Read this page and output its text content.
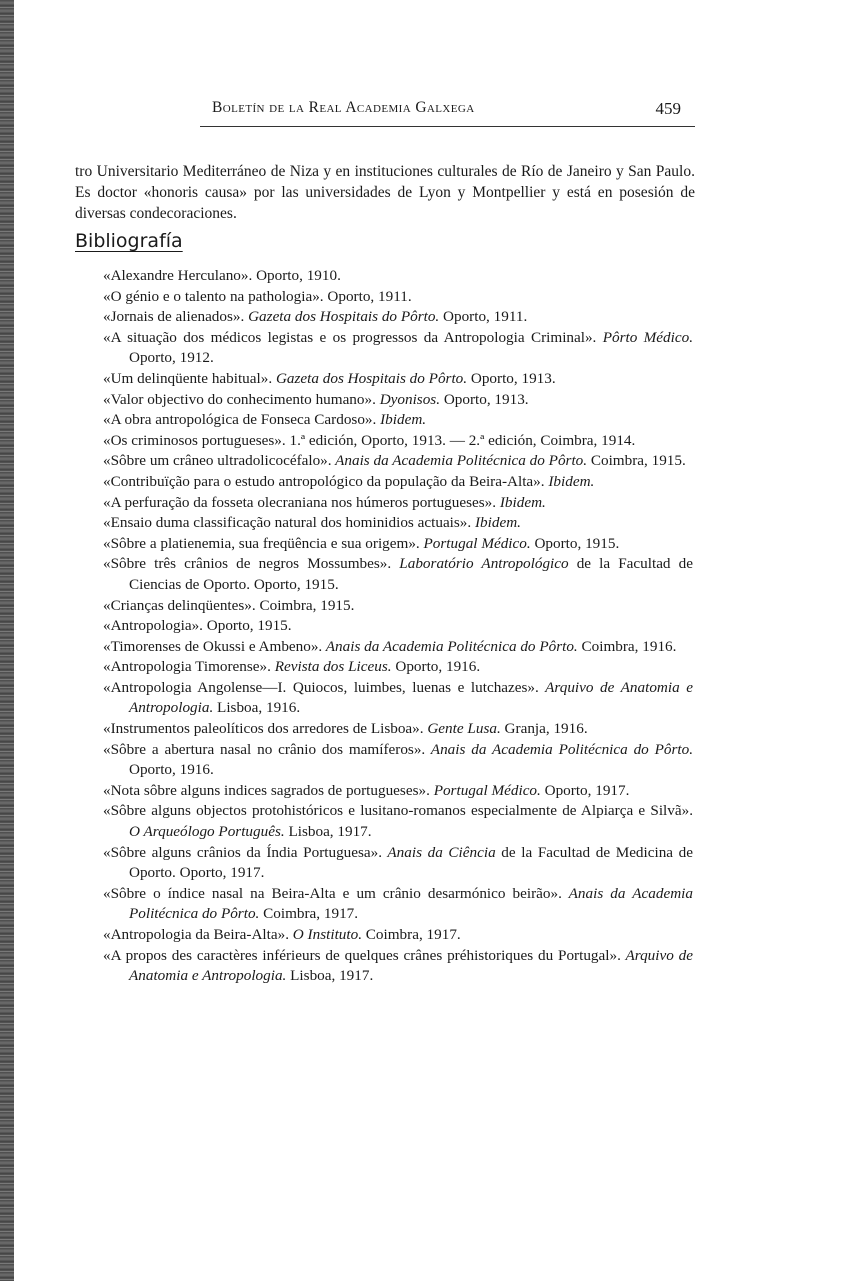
Boletín de la Real Academia Galxega	459

tro Universitario Mediterráneo de Niza y en instituciones culturales de Río de Janeiro y San Paulo. Es doctor «honoris causa» por las universidades de Lyon y Montpellier y está en posesión de diversas condecoraciones.

Bibliografía
«Alexandre Herculano». Oporto, 1910.
«O génio e o talento na pathologia». Oporto, 1911.
«Jornais de alienados». Gazeta dos Hospitais do Pôrto. Oporto, 1911.
«A situação dos médicos legistas e os progressos da Antropologia Criminal». Pôrto Médico. Oporto, 1912.
«Um delinqüente habitual». Gazeta dos Hospitais do Pôrto. Oporto, 1913.
«Valor objectivo do conhecimento humano». Dyonisos. Oporto, 1913.
«A obra antropológica de Fonseca Cardoso». Ibidem.
«Os criminosos portugueses». 1.ª edición, Oporto, 1913. — 2.ª edición, Coimbra, 1914.
«Sôbre um crâneo ultradolicocéfalo». Anais da Academia Politécnica do Pôrto. Coimbra, 1915.
«Contribuïção para o estudo antropológico da população da Beira-Alta». Ibidem.
«A perfuração da fosseta olecraniana nos húmeros portugueses». Ibidem.
«Ensaio duma classificação natural dos hominidios actuais». Ibidem.
«Sôbre a platienemia, sua freqüência e sua origem». Portugal Médico. Oporto, 1915.
«Sôbre três crânios de negros Mossumbes». Laboratório Antropológico de la Facultad de Ciencias de Oporto. Oporto, 1915.
«Crianças delinqüentes». Coimbra, 1915.
«Antropologia». Oporto, 1915.
«Timorenses de Okussi e Ambeno». Anais da Academia Politécnica do Pôrto. Coimbra, 1916.
«Antropologia Timorense». Revista dos Liceus. Oporto, 1916.
«Antropologia Angolense—I. Quiocos, luimbes, luenas e lutchazes». Arquivo de Anatomia e Antropologia. Lisboa, 1916.
«Instrumentos paleolíticos dos arredores de Lisboa». Gente Lusa. Granja, 1916.
«Sôbre a abertura nasal no crânio dos mamíferos». Anais da Academia Politécnica do Pôrto. Oporto, 1916.
«Nota sôbre alguns indices sagrados de portugueses». Portugal Médico. Oporto, 1917.
«Sôbre alguns objectos protohistóricos e lusitano-romanos especialmente de Alpiarça e Silvã». O Arqueólogo Português. Lisboa, 1917.
«Sôbre alguns crânios da Índia Portuguesa». Anais da Ciência de la Facultad de Medicina de Oporto. Oporto, 1917.
«Sôbre o índice nasal na Beira-Alta e um crânio desarmónico beirão». Anais da Academia Politécnica do Pôrto. Coimbra, 1917.
«Antropologia da Beira-Alta». O Instituto. Coimbra, 1917.
«A propos des caractères inférieurs de quelques crânes préhistoriques du Portugal». Arquivo de Anatomia e Antropologia. Lisboa, 1917.
